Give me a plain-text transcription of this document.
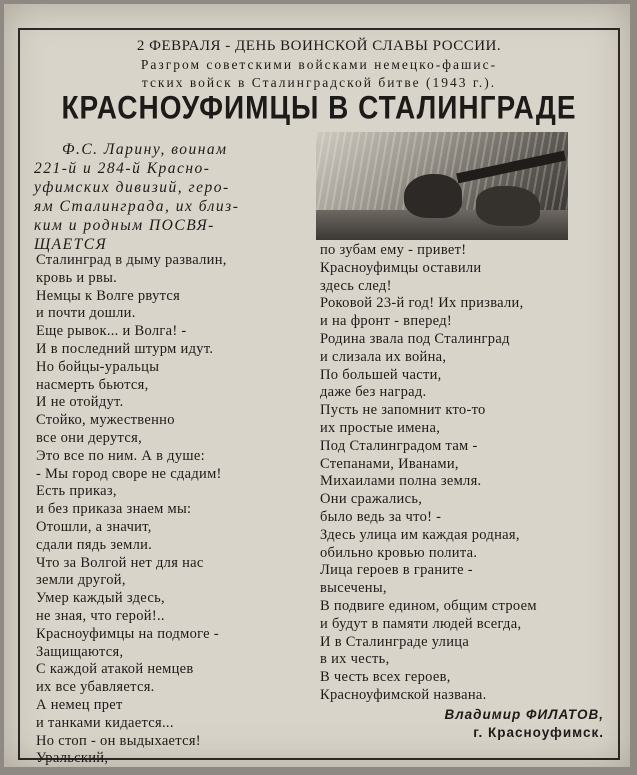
2 ФЕВРАЛЯ - ДЕНЬ ВОИНСКОЙ СЛАВЫ РОССИИ.
Разгром советскими войсками немецко-фашис-
тских войск в Сталинградской битве (1943 г.).
КРАСНОУФИМЦЫ В СТАЛИНГРАДЕ
Ф.С. Ларину, воинам
221-й и 284-й Красно-
уфимских дивизий, геро-
ям Сталинграда, их близ-
ким и родным ПОСВЯ-
ЩАЕТСЯ
Сталинград в дыму развалин,
кровь и рвы.
Немцы к Волге рвутся
и почти дошли.
Еще рывок... и Волга! -
И в последний штурм идут.
Но бойцы-уральцы
насмерть бьются,
И не отойдут.
Стойко, мужественно
все они дерутся,
Это все по ним. А в душе:
- Мы город своре не сдадим!
Есть приказ,
и без приказа знаем мы:
Отошли, а значит,
сдали пядь земли.
Что за Волгой нет для нас
земли другой,
Умер каждый здесь,
не зная, что герой!..
Красноуфимцы на подмоге -
Защищаются,
С каждой атакой немцев
их все убавляется.
А немец прет
и танками кидается...
Но стоп - он выдыхается!
Уральский,
по зубам ему - привет!
Красноуфимцы оставили
здесь след!
Роковой 23-й год! Их призвали,
и на фронт - вперед!
Родина звала под Сталинград
и слизала их война,
По большей части,
даже без наград.
Пусть не запомнит кто-то
их простые имена,
Под Сталинградом там -
Степанами, Иванами,
Михаилами полна земля.
Они сражались,
было ведь за что! -
Здесь улица им каждая родная,
обильно кровью полита.
Лица героев в граните -
высечены,
В подвиге едином, общим строем
и будут в памяти людей всегда,
И в Сталинграде улица
в их честь,
В честь всех героев,
Красноуфимской названа.
Владимир ФИЛАТОВ,
г. Красноуфимск.
